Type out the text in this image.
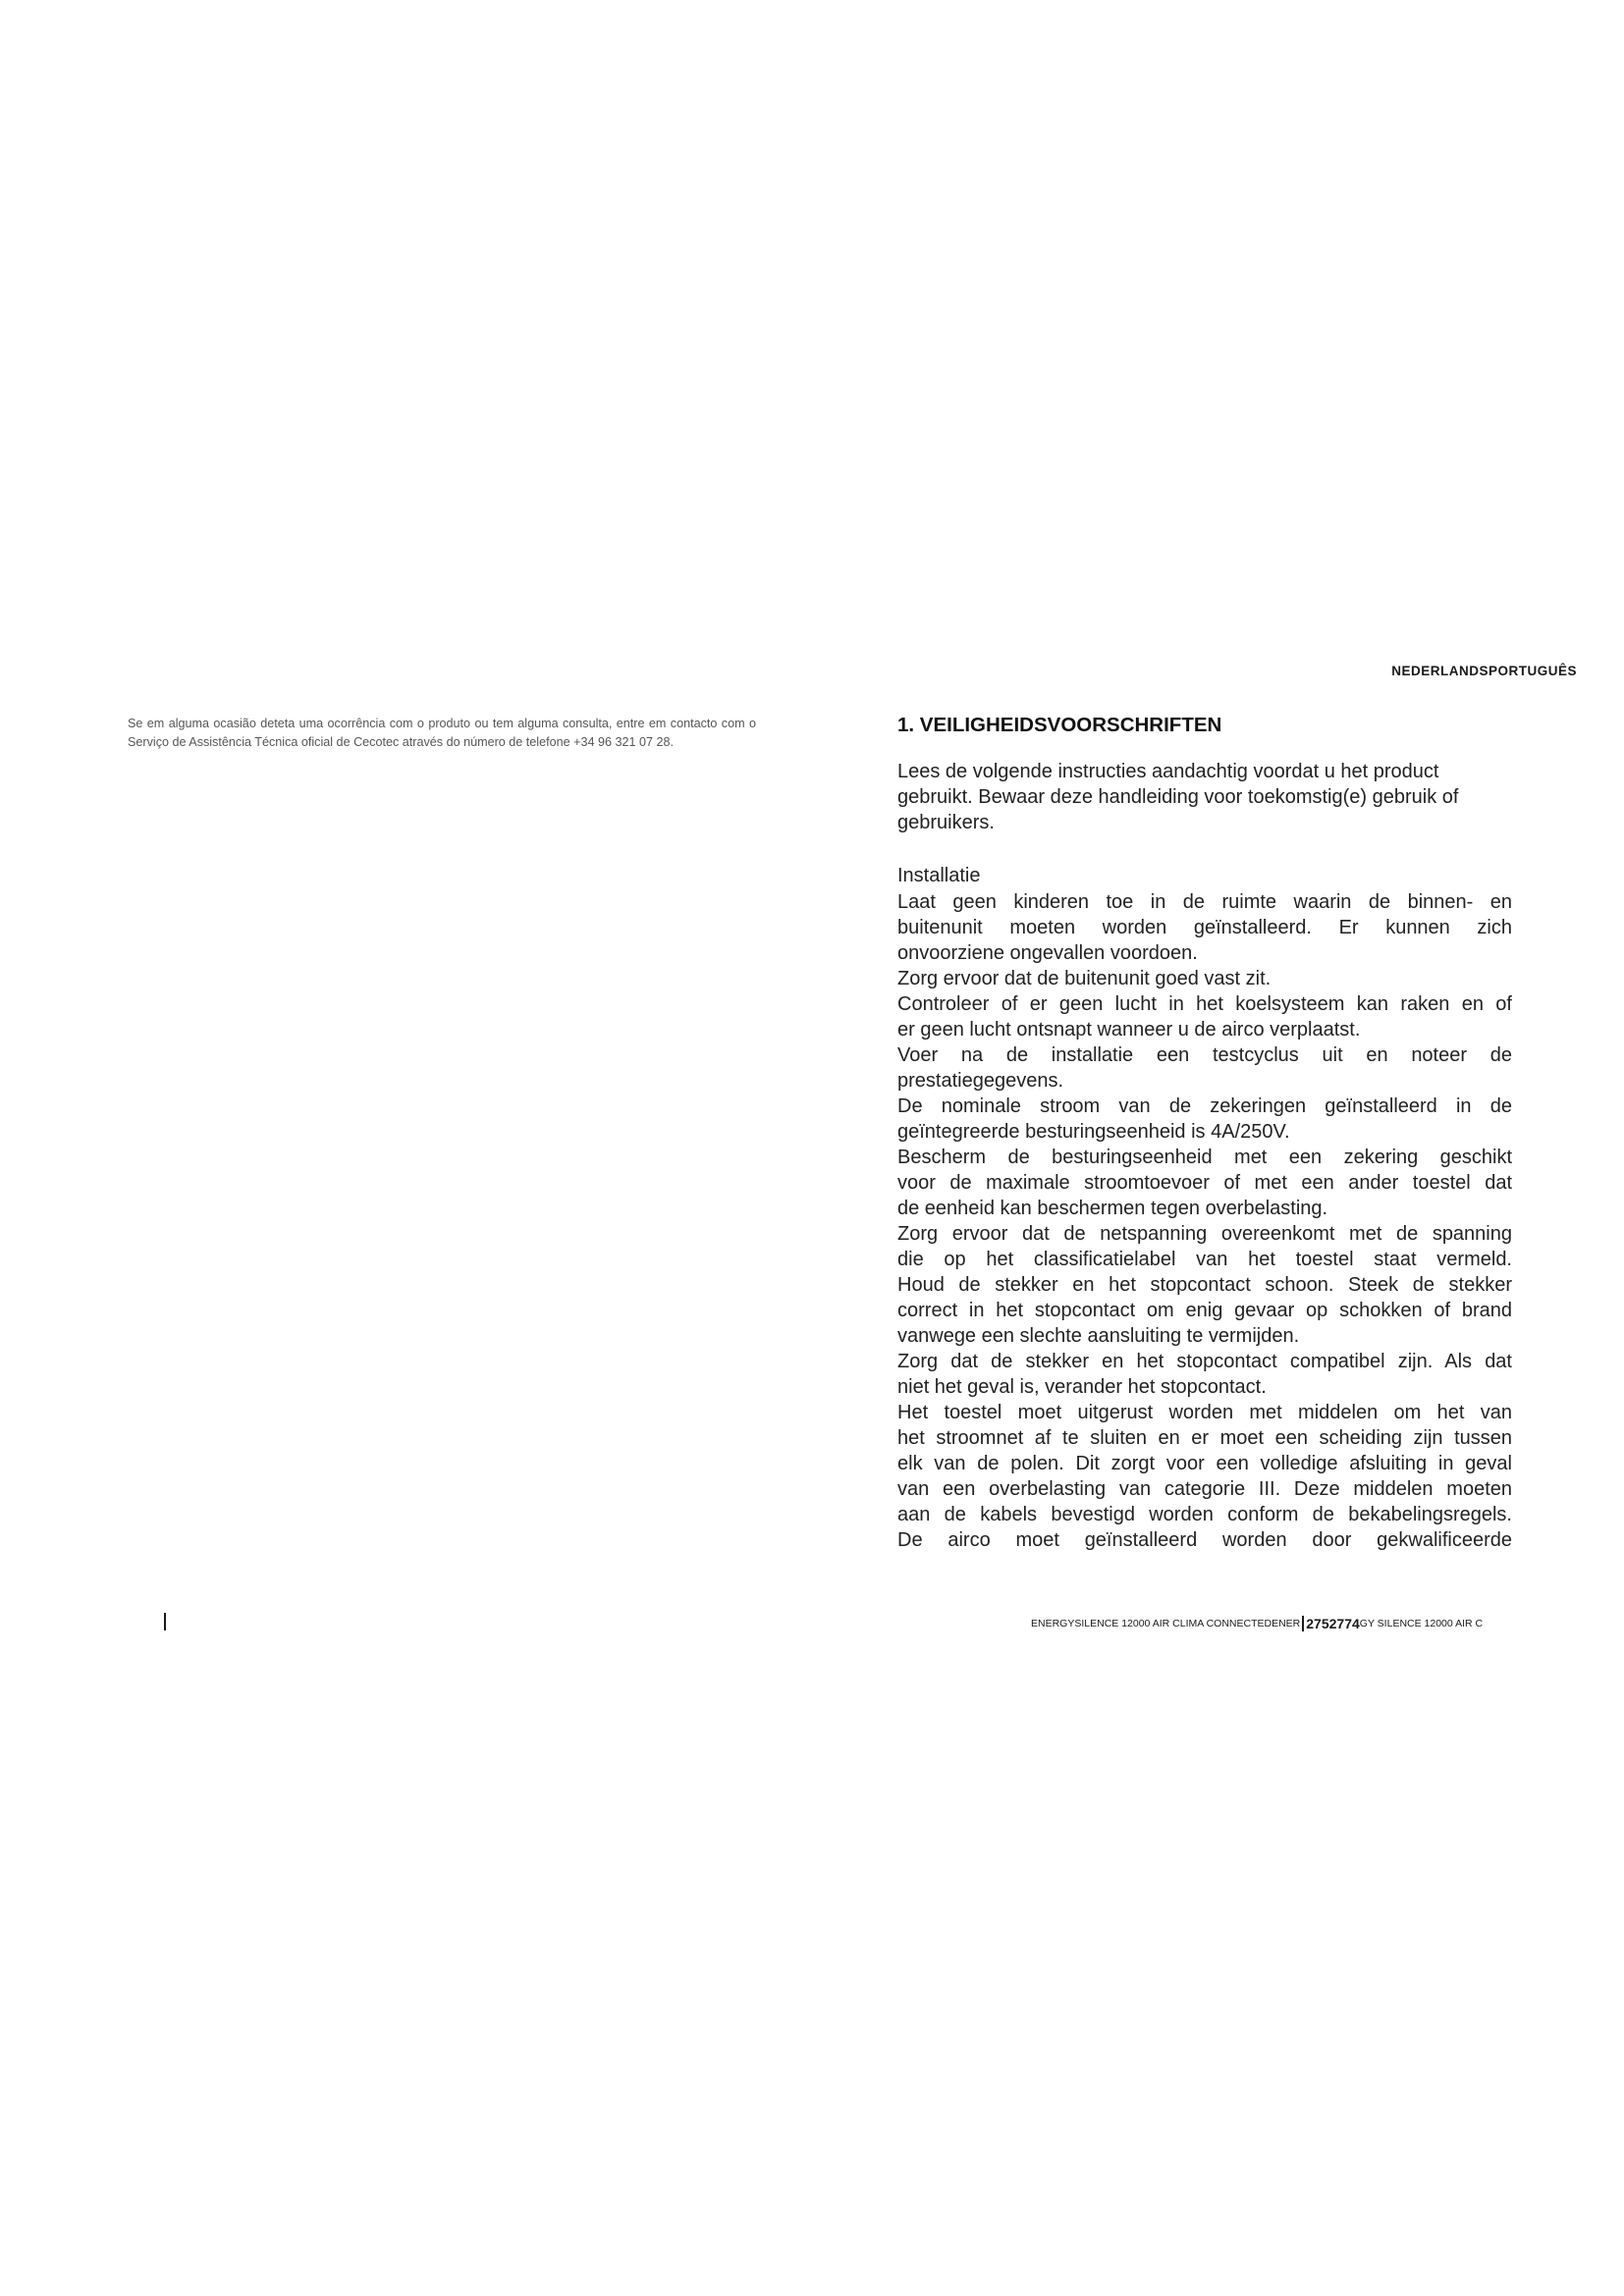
NEDERLANDSPORTUGUÊS
Se em alguma ocasião deteta uma ocorrência com o produto ou tem alguma consulta, entre em contacto com o Serviço de Assistência Técnica oficial de Cecotec através do número de telefone +34 96 321 07 28.
1. VEILIGHEIDSVOORSCHRIFTEN

Lees de volgende instructies aandachtig voordat u het product gebruikt. Bewaar deze handleiding voor toekomstig(e) gebruik of gebruikers.

Installatie
Laat geen kinderen toe in de ruimte waarin de binnen- en
buitenunit moeten worden geïnstalleerd. Er kunnen zich
onvoorziene ongevallen voordoen.
Zorg ervoor dat de buitenunit goed vast zit.
Controleer of er geen lucht in het koelsysteem kan raken en of
er geen lucht ontsnapt wanneer u de airco verplaatst.
Voer na de installatie een testcyclus uit en noteer de
prestatiegegevens.
De nominale stroom van de zekeringen geïnstalleerd in de
geïntegreerde besturingseenheid is 4A/250V.
Bescherm de besturingseenheid met een zekering geschikt
voor de maximale stroomtoevoer of met een ander toestel dat
de eenheid kan beschermen tegen overbelasting.
Zorg ervoor dat de netspanning overeenkomt met de spanning
die op het classificatielabel van het toestel staat vermeld.
Houd de stekker en het stopcontact schoon. Steek de stekker
correct in het stopcontact om enig gevaar op schokken of brand
vanwege een slechte aansluiting te vermijden.
Zorg dat de stekker en het stopcontact compatibel zijn. Als dat
niet het geval is, verander het stopcontact.
Het toestel moet uitgerust worden met middelen om het van
het stroomnet af te sluiten en er moet een scheiding zijn tussen
elk van de polen. Dit zorgt voor een volledige afsluiting in geval
van een overbelasting van categorie III. Deze middelen moeten
aan de kabels bevestigd worden conform de bekabelingsregels.
De airco moet geïnstalleerd worden door gekwalificeerde
ENERGYSILENCE 12000 AIR CLIMA CONNECTEDENER 2752774GY SILENCE 12000 AIR C
